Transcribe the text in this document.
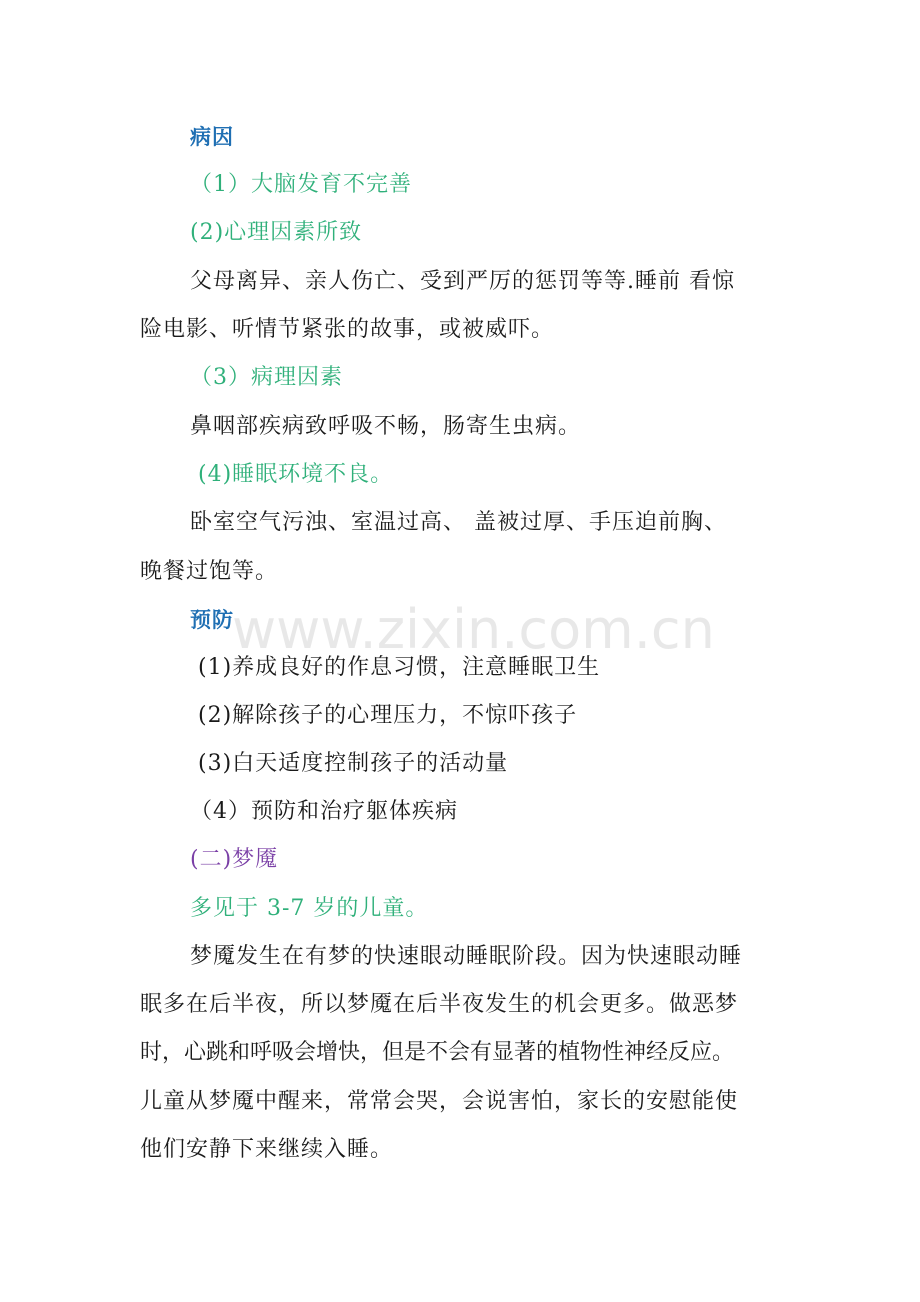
www.zixin.com.cn
病因
（1）大脑发育不完善
(2)心理因素所致
父母离异、亲人伤亡、受到严厉的惩罚等等.睡前 看惊
险电影、听情节紧张的故事，或被威吓。
（3）病理因素
鼻咽部疾病致呼吸不畅，肠寄生虫病。
(4)睡眠环境不良。
卧室空气污浊、室温过高、 盖被过厚、手压迫前胸、
晚餐过饱等。
预防
(1)养成良好的作息习惯，注意睡眠卫生
(2)解除孩子的心理压力，不惊吓孩子
(3)白天适度控制孩子的活动量
（4）预防和治疗躯体疾病
(二)梦魇
多见于 3-7 岁的儿童。
梦魇发生在有梦的快速眼动睡眠阶段。因为快速眼动睡
眠多在后半夜，所以梦魇在后半夜发生的机会更多。做恶梦
时，心跳和呼吸会增快，但是不会有显著的植物性神经反应。
儿童从梦魇中醒来，常常会哭，会说害怕，家长的安慰能使
他们安静下来继续入睡。
